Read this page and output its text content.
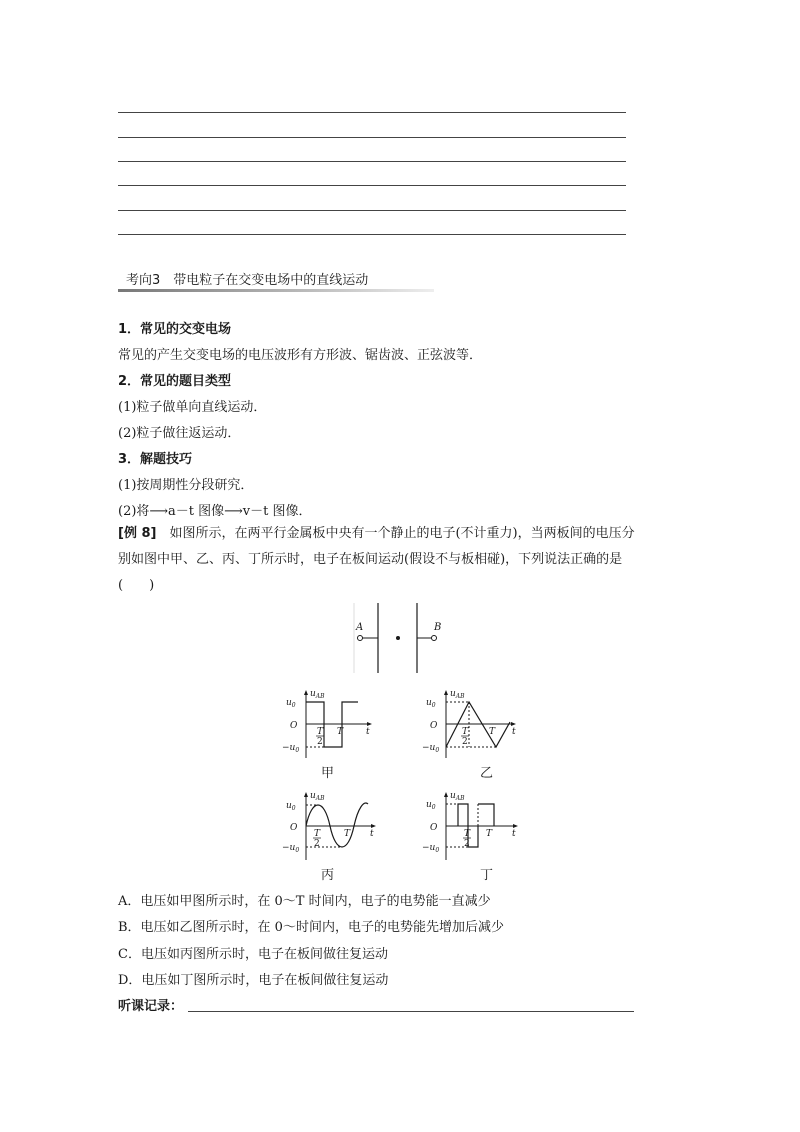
考向3　带电粒子在交变电场中的直线运动
1．常见的交变电场
常见的产生交变电场的电压波形有方形波、锯齿波、正弦波等．
2．常见的题目类型
(1)粒子做单向直线运动．
(2)粒子做往返运动．
3．解题技巧
(1)按周期性分段研究．
(2)将⟶a－t 图像⟶v－t 图像．
[例 8]　如图所示，在两平行金属板中央有一个静止的电子(不计重力)，当两板间的电压分别如图中甲、乙、丙、丁所示时，电子在板间运动(假设不与板相碰)，下列说法正确的是(　　)
A	B
$u_{AB}$
$u_0$
O
$-u_0$
T
2
T	t
甲
$u_{AB}$
$u_0$
O
$-u_0$
T
2
T t
乙
$u_{AB}$
$u_0$
O
$-u_0$
T
2
T t
丙
$u_{AB}$
$u_0$
O
$-u_0$
T
2
T t
丁
A．电压如甲图所示时，在 0～T 时间内，电子的电势能一直减少
B．电压如乙图所示时，在 0～时间内，电子的电势能先增加后减少
C．电压如丙图所示时，电子在板间做往复运动
D．电压如丁图所示时，电子在板间做往复运动
听课记录：
